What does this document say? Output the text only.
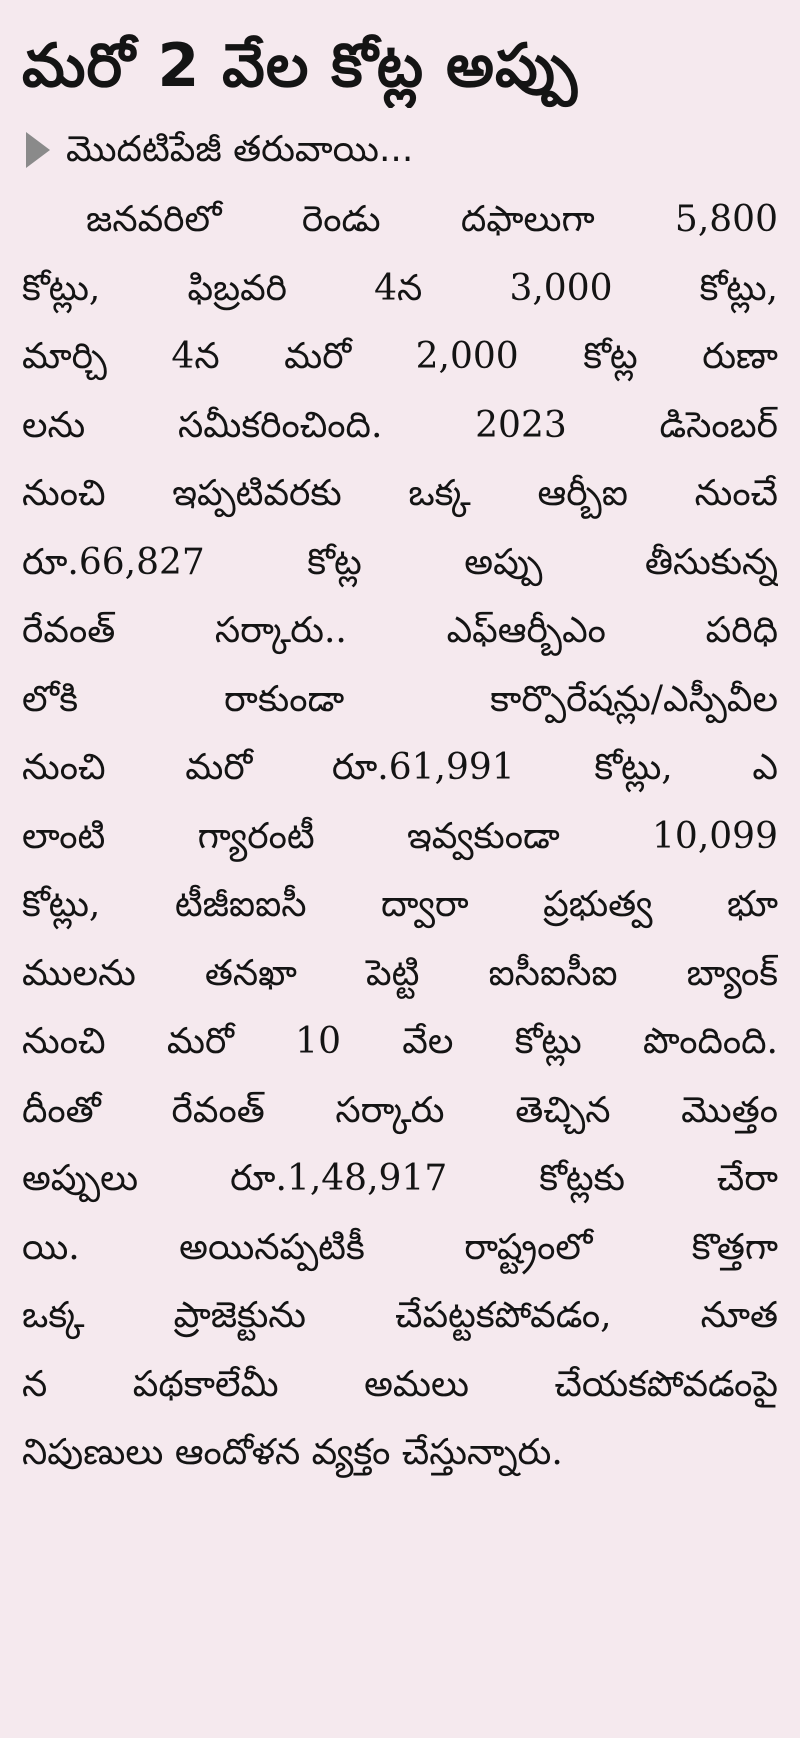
మరో 2 వేల కోట్ల అప్పు
మొదటిపేజీ తరువాయి...
జనవరిలో రెండు దఫాలుగా 5,800
కోట్లు, ఫిబ్రవరి 4న 3,000 కోట్లు,
మార్చి 4న మరో 2,000 కోట్ల రుణా
లను సమీకరించింది. 2023 డిసెంబర్
నుంచి ఇప్పటివరకు ఒక్క ఆర్బీఐ నుంచే
రూ.66,827 కోట్ల అప్పు తీసుకున్న
రేవంత్ సర్కారు.. ఎఫ్ఆర్బీఎం పరిధి
లోకి రాకుండా కార్పొరేషన్లు/ఎస్పీవీల
నుంచి మరో రూ.61,991 కోట్లు, ఎ
లాంటి గ్యారంటీ ఇవ్వకుండా 10,099
కోట్లు, టీజీఐఐసీ ద్వారా ప్రభుత్వ భూ
ములను తనఖా పెట్టి ఐసీఐసీఐ బ్యాంక్
నుంచి మరో 10 వేల కోట్లు పొందింది.
దీంతో రేవంత్ సర్కారు తెచ్చిన మొత్తం
అప్పులు రూ.1,48,917 కోట్లకు చేరా
యి. అయినప్పటికీ రాష్ట్రంలో కొత్తగా
ఒక్క ప్రాజెక్టును చేపట్టకపోవడం, నూత
న పథకాలేమీ అమలు చేయకపోవడంపై
నిపుణులు ఆందోళన వ్యక్తం చేస్తున్నారు.
